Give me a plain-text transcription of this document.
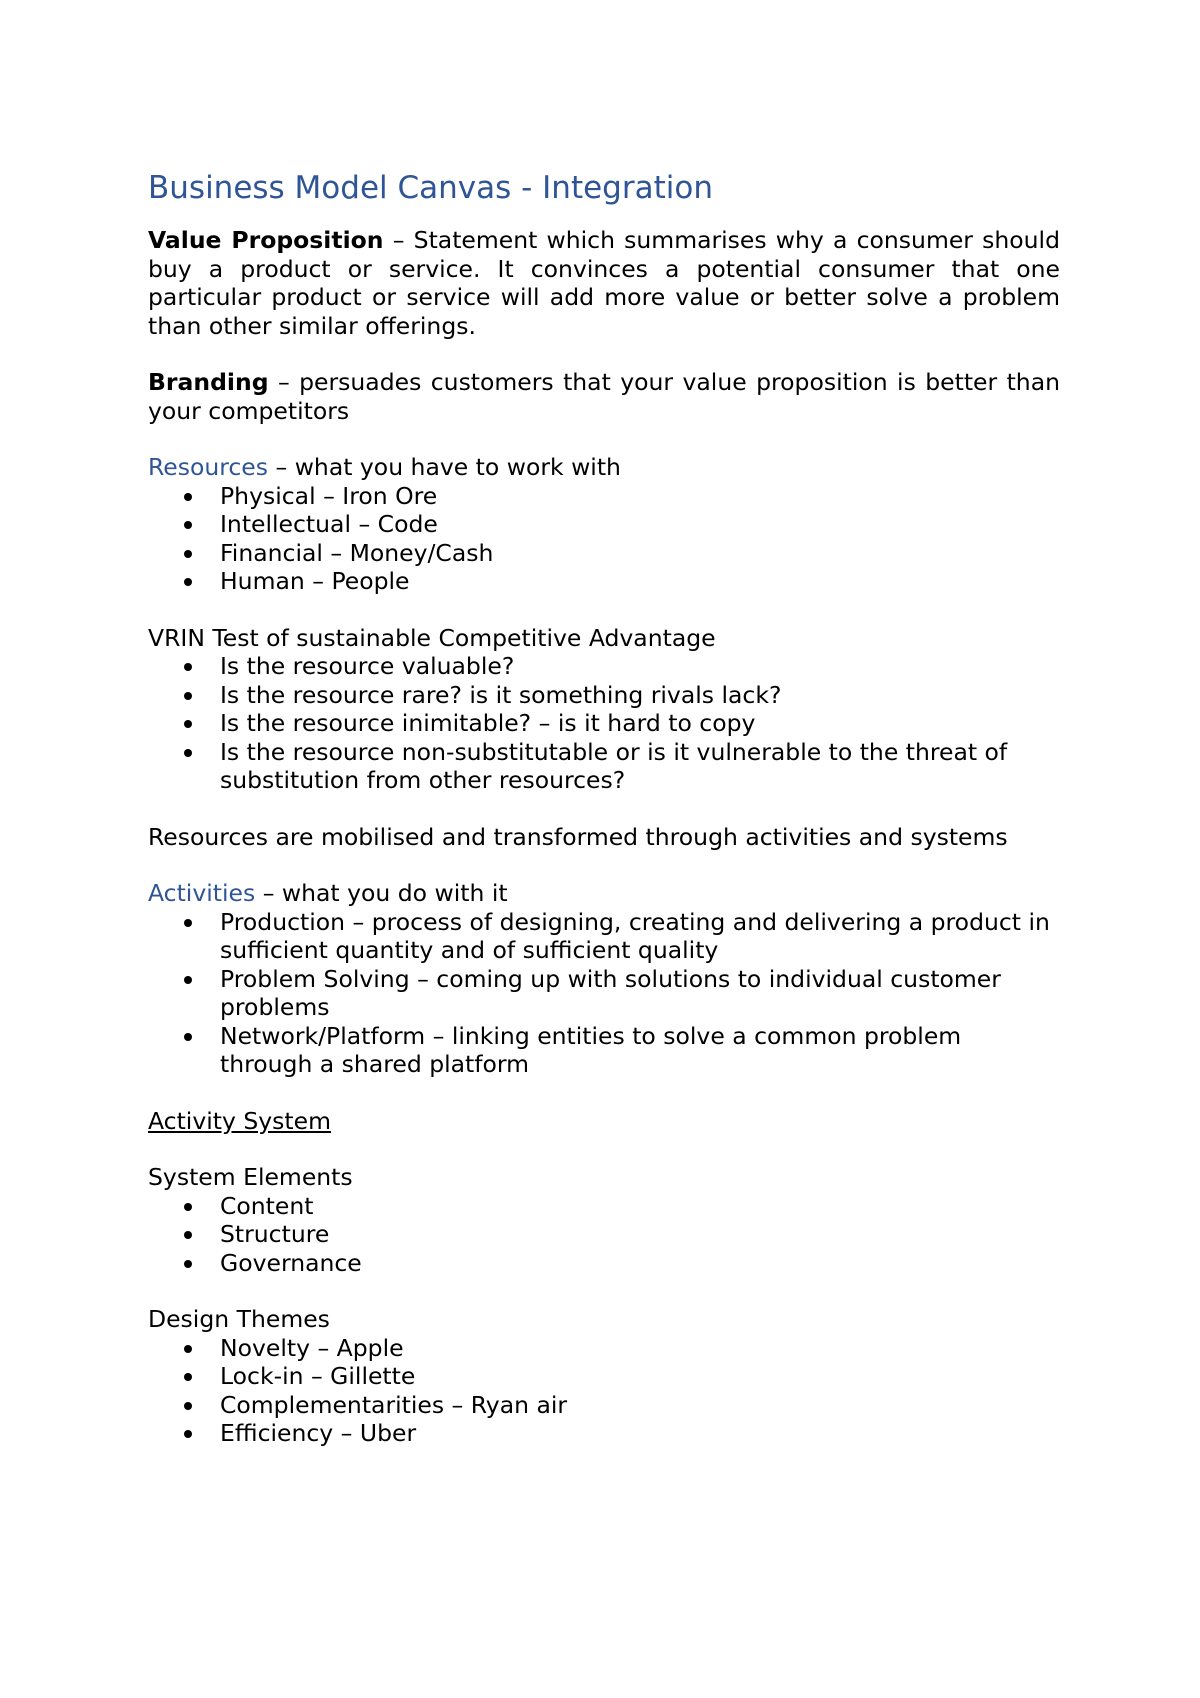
Business Model Canvas - Integration

Value Proposition – Statement which summarises why a consumer should buy a product or service. It convinces a potential consumer that one particular product or service will add more value or better solve a problem than other similar offerings.

Branding – persuades customers that your value proposition is better than your competitors

Resources – what you have to work with

Physical – Iron Ore
Intellectual – Code
Financial – Money/Cash
Human – People

VRIN Test of sustainable Competitive Advantage

Is the resource valuable?
Is the resource rare? is it something rivals lack?
Is the resource inimitable? – is it hard to copy
Is the resource non-substitutable or is it vulnerable to the threat of substitution from other resources?

Resources are mobilised and transformed through activities and systems

Activities – what you do with it

Production – process of designing, creating and delivering a product in sufficient quantity and of sufficient quality
Problem Solving – coming up with solutions to individual customer problems
Network/Platform – linking entities to solve a common problem through a shared platform

Activity System

System Elements

Content
Structure
Governance

Design Themes

Novelty – Apple
Lock-in – Gillette
Complementarities – Ryan air
Efficiency – Uber
